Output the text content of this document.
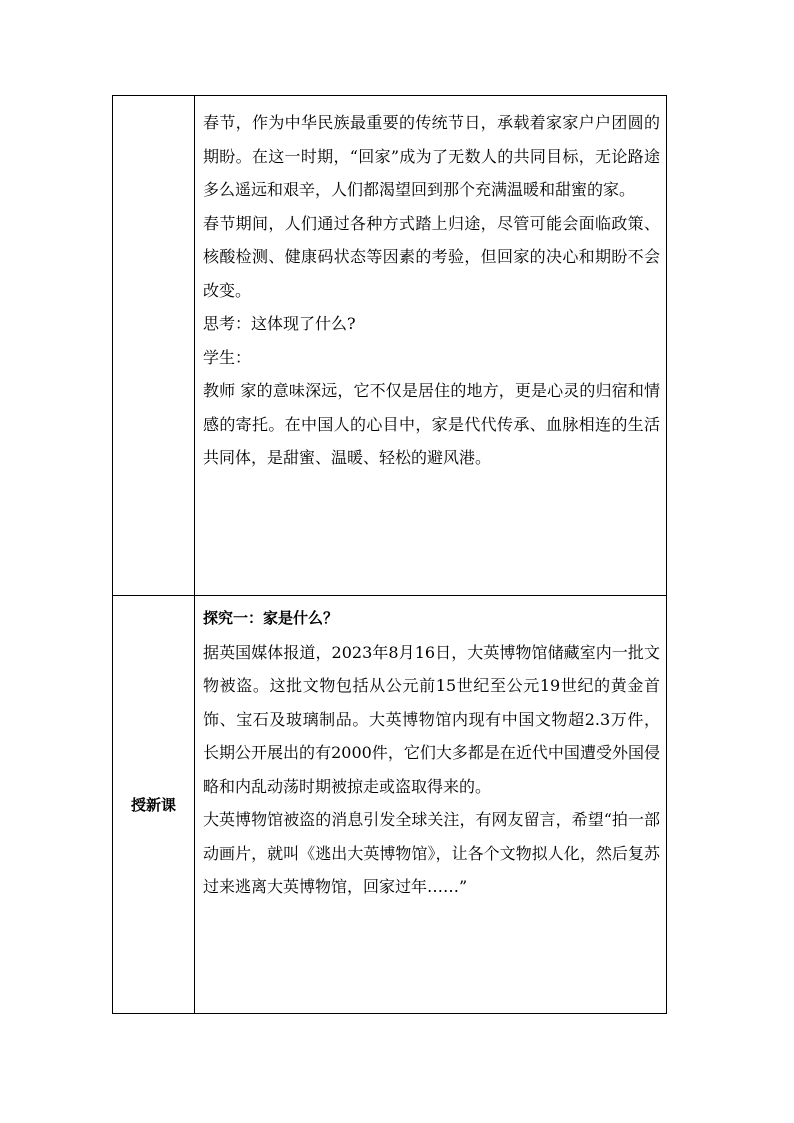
	春节，作为中华民族最重要的传统节日，承载着家家户户团圆的期盼。在这一时期，“回家”成为了无数人的共同目标，无论路途多么遥远和艰辛，人们都渴望回到那个充满温暖和甜蜜的家。

春节期间，人们通过各种方式踏上归途，尽管可能会面临政策、核酸检测、健康码状态等因素的考验，但回家的决心和期盼不会改变。

思考：这体现了什么?

学生：

教师 家的意味深远，它不仅是居住的地方，更是心灵的归宿和情感的寄托。在中国人的心目中，家是代代传承、血脉相连的生活共同体，是甜蜜、温暖、轻松的避风港。

授新课	探究一：家是什么？

据英国媒体报道，2023年8月16日，大英博物馆储藏室内一批文物被盗。这批文物包括从公元前15世纪至公元19世纪的黄金首饰、宝石及玻璃制品。大英博物馆内现有中国文物超2.3万件，长期公开展出的有2000件，它们大多都是在近代中国遭受外国侵略和内乱动荡时期被掠走或盗取得来的。

大英博物馆被盗的消息引发全球关注，有网友留言，希望“拍一部动画片，就叫《逃出大英博物馆》，让各个文物拟人化，然后复苏过来逃离大英博物馆，回家过年……”
